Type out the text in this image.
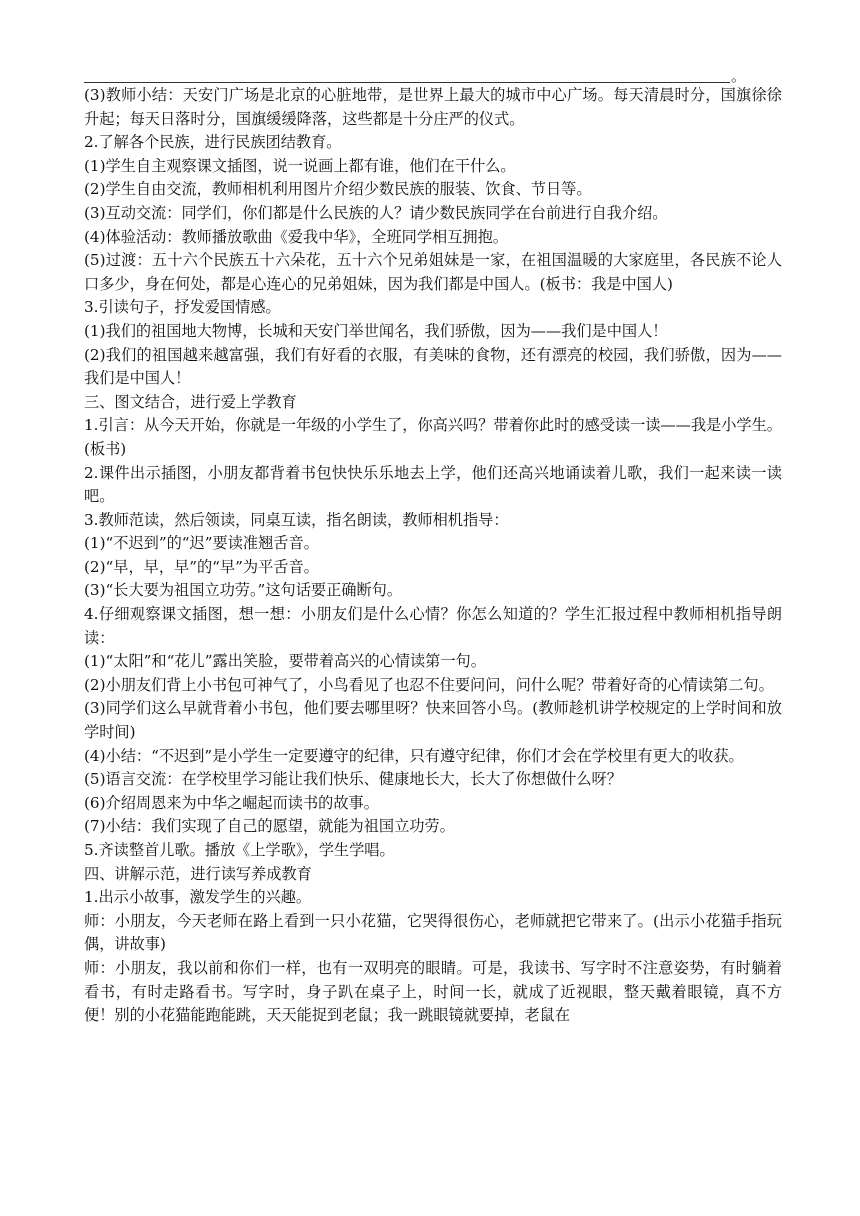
。

(3)教师小结：天安门广场是北京的心脏地带，是世界上最大的城市中心广场。每天清晨时分，国旗徐徐升起；每天日落时分，国旗缓缓降落，这些都是十分庄严的仪式。

2.了解各个民族，进行民族团结教育。

(1)学生自主观察课文插图，说一说画上都有谁，他们在干什么。

(2)学生自由交流，教师相机利用图片介绍少数民族的服装、饮食、节日等。

(3)互动交流：同学们，你们都是什么民族的人？请少数民族同学在台前进行自我介绍。

(4)体验活动：教师播放歌曲《爱我中华》，全班同学相互拥抱。

(5)过渡：五十六个民族五十六朵花，五十六个兄弟姐妹是一家，在祖国温暖的大家庭里，各民族不论人口多少，身在何处，都是心连心的兄弟姐妹，因为我们都是中国人。(板书：我是中国人)

3.引读句子，抒发爱国情感。

(1)我们的祖国地大物博，长城和天安门举世闻名，我们骄傲，因为——我们是中国人！

(2)我们的祖国越来越富强，我们有好看的衣服，有美味的食物，还有漂亮的校园，我们骄傲，因为——我们是中国人！

三、图文结合，进行爱上学教育

1.引言：从今天开始，你就是一年级的小学生了，你高兴吗？带着你此时的感受读一读——我是小学生。(板书)

2.课件出示插图，小朋友都背着书包快快乐乐地去上学，他们还高兴地诵读着儿歌，我们一起来读一读吧。

3.教师范读，然后领读，同桌互读，指名朗读，教师相机指导：

(1)“不迟到”的“迟”要读准翘舌音。

(2)“早，早，早”的“早”为平舌音。

(3)“长大要为祖国立功劳。”这句话要正确断句。

4.仔细观察课文插图，想一想：小朋友们是什么心情？你怎么知道的？学生汇报过程中教师相机指导朗读：

(1)“太阳”和“花儿”露出笑脸，要带着高兴的心情读第一句。

(2)小朋友们背上小书包可神气了，小鸟看见了也忍不住要问问，问什么呢？带着好奇的心情读第二句。

(3)同学们这么早就背着小书包，他们要去哪里呀？快来回答小鸟。(教师趁机讲学校规定的上学时间和放学时间)

(4)小结：“不迟到”是小学生一定要遵守的纪律，只有遵守纪律，你们才会在学校里有更大的收获。

(5)语言交流：在学校里学习能让我们快乐、健康地长大，长大了你想做什么呀？

(6)介绍周恩来为中华之崛起而读书的故事。

(7)小结：我们实现了自己的愿望，就能为祖国立功劳。

5.齐读整首儿歌。播放《上学歌》，学生学唱。

四、讲解示范，进行读写养成教育

1.出示小故事，激发学生的兴趣。

师：小朋友，今天老师在路上看到一只小花猫，它哭得很伤心，老师就把它带来了。(出示小花猫手指玩偶，讲故事)

师：小朋友，我以前和你们一样，也有一双明亮的眼睛。可是，我读书、写字时不注意姿势，有时躺着看书，有时走路看书。写字时，身子趴在桌子上，时间一长，就成了近视眼，整天戴着眼镜，真不方便！别的小花猫能跑能跳，天天能捉到老鼠；我一跳眼镜就要掉，老鼠在
